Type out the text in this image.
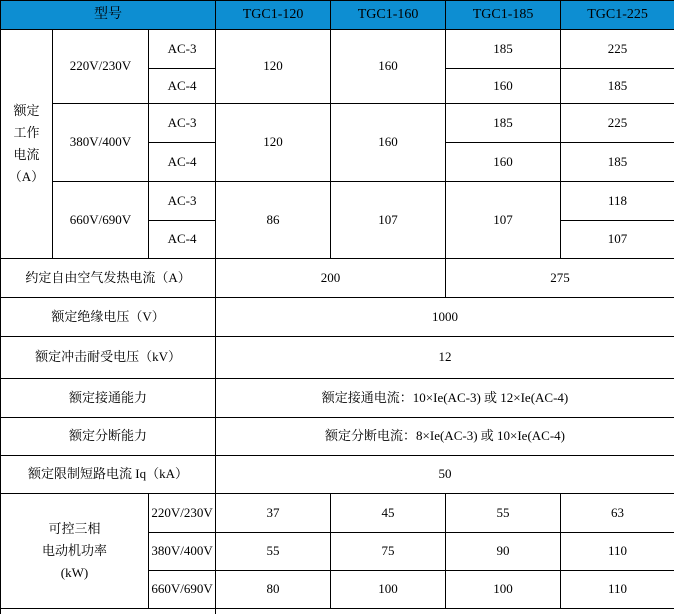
型号			TGC1-120	TGC1-160	TGC1-185	TGC1-225

额定
工作
电流
（A）	220V/230V	AC-3	120	160	185	225
		AC-4			160	185
	380V/400V	AC-3	120	160	185	225
		AC-4			160	185
	660V/690V	AC-3	86	107	107	118
		AC-4				107
约定自由空气发热电流（A）			200		275	
额定绝缘电压（V）			1000			
额定冲击耐受电压（kV）			12			
额定接通能力			额定接通电流：10×Ie(AC-3) 或 12×Ie(AC-4)			
额定分断能力			额定分断电流：8×Ie(AC-3) 或 10×Ie(AC-4)			
额定限制短路电流 Iq（kA）			50			

可控三相
电动机功率
(kW)		220V/230V	37	45	55	63
		380V/400V	55	75	90	110
		660V/690V	80	100	100	110
